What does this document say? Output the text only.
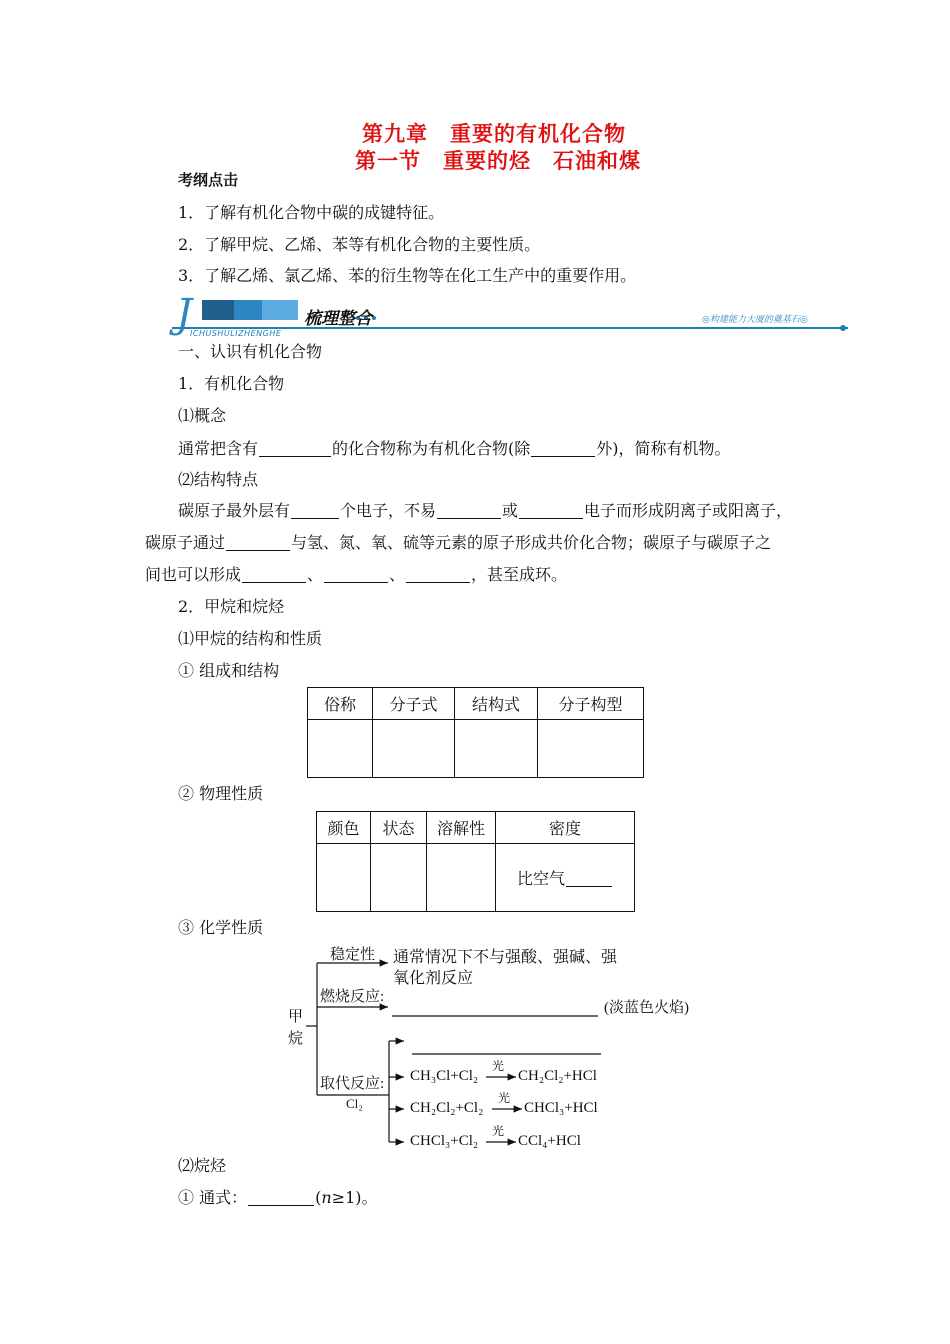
第九章　重要的有机化合物
第一节　重要的烃　石油和煤
考纲点击
1．了解有机化合物中碳的成键特征。
2．了解甲烷、乙烯、苯等有机化合物的主要性质。
3．了解乙烯、氯乙烯、苯的衍生物等在化工生产中的重要作用。
J	梳理整合
ICHUSHULIZHENGHE
◎构建能力大厦的奠基石◎
一、认识有机化合物
1．有机化合物
⑴概念
通常把含有	的化合物称为有机化合物(除	外)，简称有机物。
⑵结构特点
碳原子最外层有	个电子，不易	或	电子而形成阴离子或阳离子，
碳原子通过	与氢、氮、氧、硫等元素的原子形成共价化合物；碳原子与碳原子之
间也可以形成	、	、	，甚至成环。
2．甲烷和烷烃
⑴甲烷的结构和性质
① 组成和结构
俗称	分子式	结构式	分子构型

② 物理性质
颜色	状态	溶解性	密度
			比空气
③ 化学性质
甲
烷
稳定性 通常情况下不与强酸、强碱、强
氧化剂反应
燃烧反应:
(淡蓝色火焰)
取代反应:
Cl₂
CH₃Cl+Cl₂
光
CH₂Cl₂+HCl
CH₂Cl₂+Cl₂
光
CHCl₃+HCl
CHCl₃+Cl₂
光
CCl₄+HCl
⑵烷烃
① 通式：	(n≥1)。
